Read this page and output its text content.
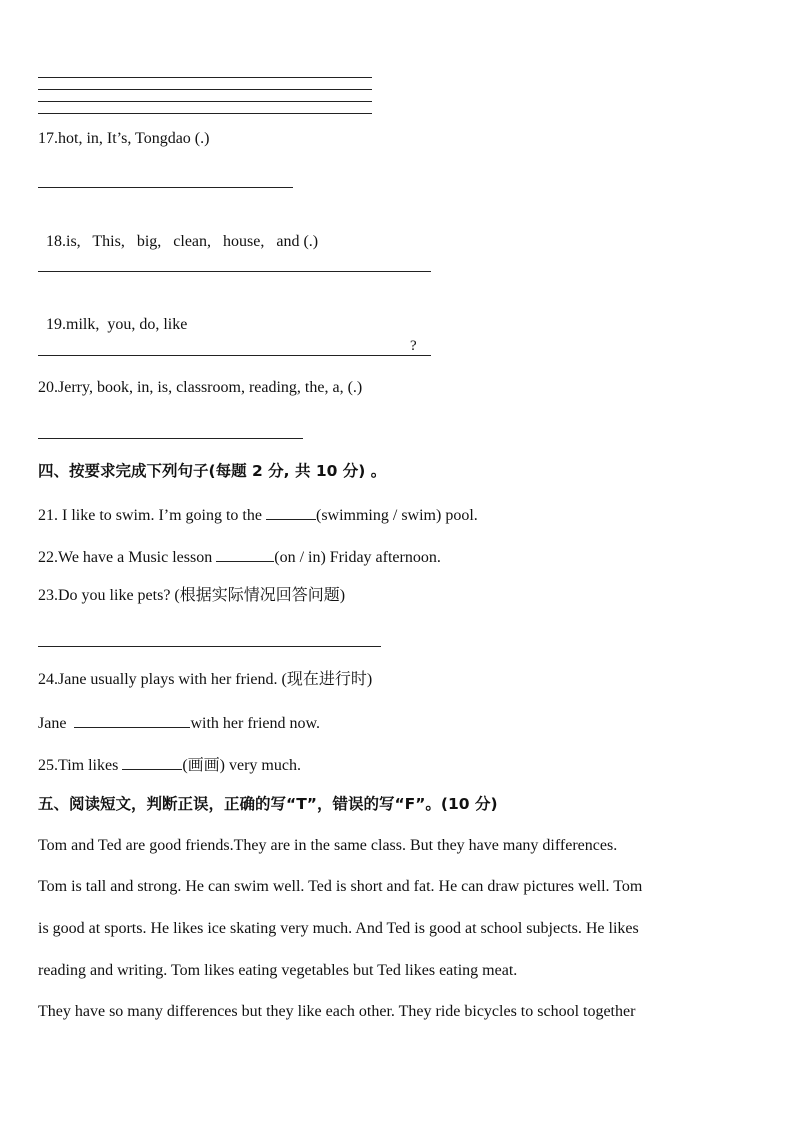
17.hot, in, It’s, Tongdao (.)

18.is,   This,   big,   clean,   house,   and (.)

19.milk,  you, do, like

?
20.Jerry, book, in, is, classroom, reading, the, a, (.)
四、按要求完成下列句子(每题 2 分, 共 10 分) 。
21. I like to swim. I’m going to the	(swimming / swim) pool.
22.We have a Music lesson	(on / in) Friday afternoon.
23.Do you like pets? (根据实际情况回答问题)
24.Jane usually plays with her friend. (现在进行时)
Jane	with her friend now.
25.Tim likes	(画画) very much.
五、阅读短文，判断正误，正确的写“T”，错误的写“F”。(10 分)
Tom and Ted are good friends.They are in the same class. But they have many differences.
Tom is tall and strong. He can swim well. Ted is short and fat. He can draw pictures well. Tom
is good at sports. He likes ice skating very much. And Ted is good at school subjects. He likes
reading and writing. Tom likes eating vegetables but Ted likes eating meat.
They have so many differences but they like each other. They ride bicycles to school together
